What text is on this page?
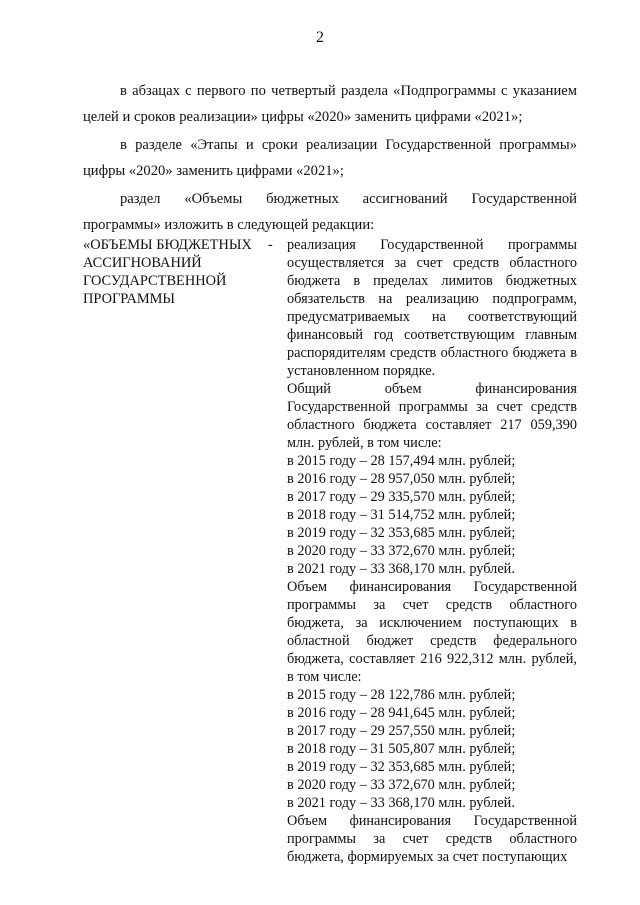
2

в абзацах с первого по четвертый раздела «Подпрограммы с указанием целей и сроков реализации» цифры «2020» заменить цифрами «2021»;

в разделе «Этапы и сроки реализации Государственной программы» цифры «2020» заменить цифрами «2021»;

раздел «Объемы бюджетных ассигнований Государственной программы» изложить в следующей редакции:

«ОБЪЕМЫ БЮДЖЕТНЫХ АССИГНОВАНИЙ ГОСУДАРСТВЕННОЙ ПРОГРАММЫ
- реализация Государственной программы осуществляется за счет средств областного бюджета в пределах лимитов бюджетных обязательств на реализацию подпрограмм, предусматриваемых на соответствующий финансовый год соответствующим главным распорядителям средств областного бюджета в установленном порядке.

Общий объем финансирования Государственной программы за счет средств областного бюджета составляет 217 059,390 млн. рублей, в том числе:

в 2015 году – 28 157,494 млн. рублей;
в 2016 году – 28 957,050 млн. рублей;
в 2017 году – 29 335,570 млн. рублей;
в 2018 году – 31 514,752 млн. рублей;
в 2019 году – 32 353,685 млн. рублей;
в 2020 году – 33 372,670 млн. рублей;
в 2021 году – 33 368,170 млн. рублей.

Объем финансирования Государственной программы за счет средств областного бюджета, за исключением поступающих в областной бюджет средств федерального бюджета, составляет 216 922,312 млн. рублей, в том числе:

в 2015 году – 28 122,786 млн. рублей;
в 2016 году – 28 941,645 млн. рублей;
в 2017 году – 29 257,550 млн. рублей;
в 2018 году – 31 505,807 млн. рублей;
в 2019 году – 32 353,685 млн. рублей;
в 2020 году – 33 372,670 млн. рублей;
в 2021 году – 33 368,170 млн. рублей.

Объем финансирования Государственной программы за счет средств областного бюджета, формируемых за счет поступающих
